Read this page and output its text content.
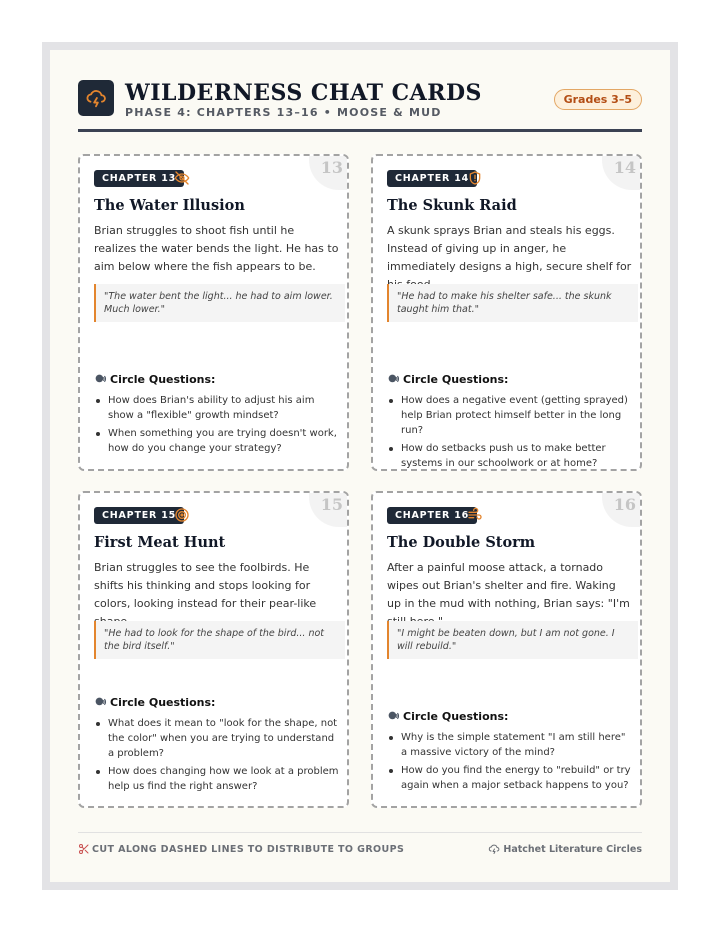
WILDERNESS CHAT CARDS
PHASE 4: CHAPTERS 13–16 • MOOSE & MUD
Grades 3–5
13
CHAPTER 13
The Water Illusion
Brian struggles to shoot fish until he realizes the water bends the light. He has to aim below where the fish appears to be.
"The water bent the light... he had to aim lower. Much lower."
Circle Questions:
How does Brian's ability to adjust his aim show a "flexible" growth mindset?
When something you are trying doesn't work, how do you change your strategy?
14
CHAPTER 14
The Skunk Raid
A skunk sprays Brian and steals his eggs. Instead of giving up in anger, he immediately designs a high, secure shelf for
"He had to make his shelter safe... the skunk taught him that."
Circle Questions:
How does a negative event (getting sprayed) help Brian protect himself better in the long run?
How do setbacks push us to make better systems in our schoolwork or at home?
15
CHAPTER 15
First Meat Hunt
Brian struggles to see the foolbirds. He shifts his thinking and stops looking for colors, looking instead for their pear-like
"He had to look for the shape of the bird... not the bird itself."
Circle Questions:
What does it mean to "look for the shape, not the color" when you are trying to understand a problem?
How does changing how we look at a problem help us find the right answer?
16
CHAPTER 16
The Double Storm
After a painful moose attack, a tornado wipes out Brian's shelter and fire. Waking up in the mud with nothing, Brian says: "I'm
"I might be beaten down, but I am not gone. I will rebuild."
Circle Questions:
Why is the simple statement "I am still here" a massive victory of the mind?
How do you find the energy to "rebuild" or try again when a major setback happens to you?
CUT ALONG DASHED LINES TO DISTRIBUTE TO GROUPS	Hatchet Literature Circles
